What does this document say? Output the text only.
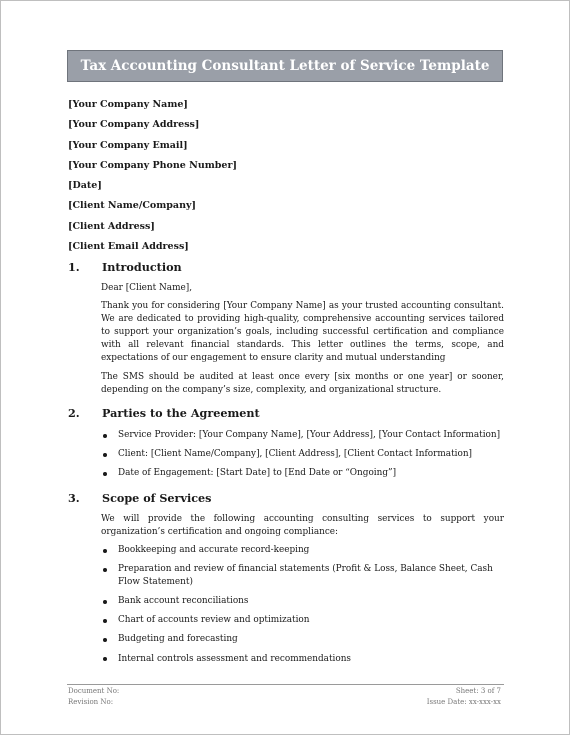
Tax Accounting Consultant Letter of Service Template
[Your Company Name]
[Your Company Address]
[Your Company Email]
[Your Company Phone Number]
[Date]
[Client Name/Company]
[Client Address]
[Client Email Address]
1.	Introduction

Dear [Client Name],

Thank you for considering [Your Company Name] as your trusted accounting consultant. We are dedicated to providing high-quality, comprehensive accounting services tailored to support your organization’s goals, including successful certification and compliance with all relevant financial standards. This letter outlines the terms, scope, and expectations of our engagement to ensure clarity and mutual understanding

The SMS should be audited at least once every [six months or one year] or sooner, depending on the company’s size, complexity, and organizational structure.

2.	Parties to the Agreement
Service Provider: [Your Company Name], [Your Address], [Your Contact Information]
Client: [Client Name/Company], [Client Address], [Client Contact Information]
Date of Engagement: [Start Date] to [End Date or “Ongoing”]
3.	Scope of Services

We will provide the following accounting consulting services to support your organization’s certification and ongoing compliance:

Bookkeeping and accurate record-keeping
Preparation and review of financial statements (Profit & Loss, Balance Sheet, Cash Flow Statement)
Bank account reconciliations
Chart of accounts review and optimization
Budgeting and forecasting
Internal controls assessment and recommendations
Document No:
Revision No:
Sheet: 3 of 7
Issue Date: xx-xxx-xx
